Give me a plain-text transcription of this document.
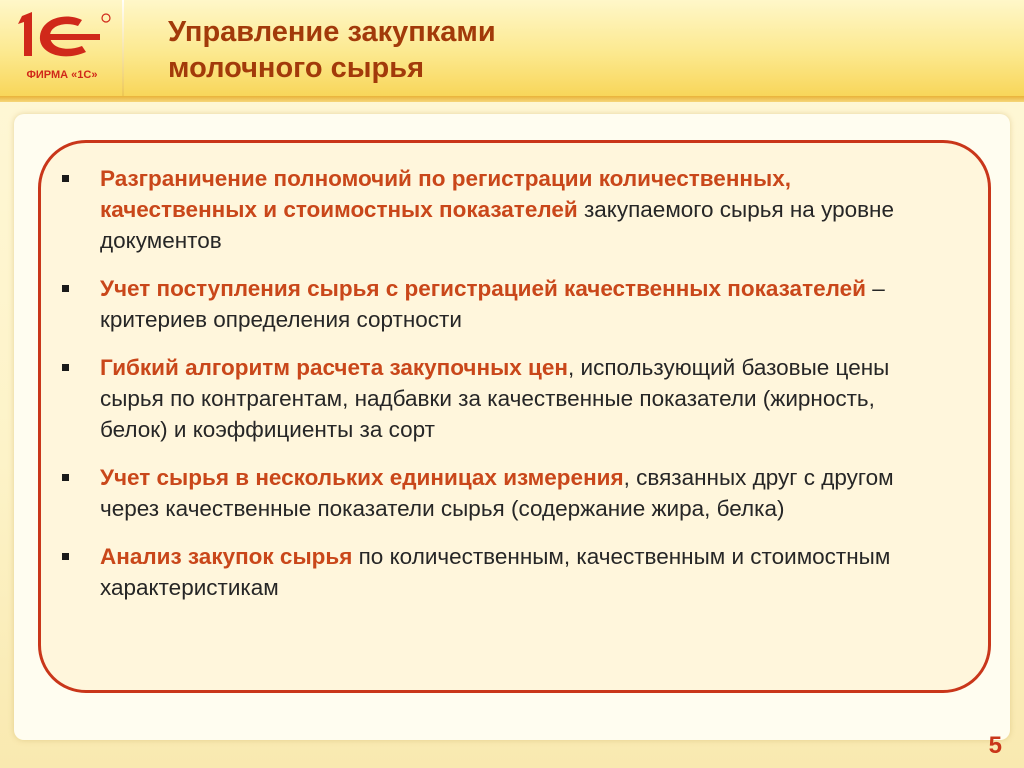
ФИРМА «1С»
Управление закупками
молочного сырья
Разграничение полномочий по регистрации количественных, качественных и стоимостных показателей закупаемого сырья на уровне документов
Учет поступления сырья с регистрацией качественных показателей – критериев определения сортности
Гибкий алгоритм расчета закупочных цен, использующий базовые цены сырья по контрагентам, надбавки за качественные показатели (жирность, белок) и коэффициенты за сорт
Учет сырья в нескольких единицах измерения, связанных друг с другом через качественные показатели сырья (содержание жира, белка)
Анализ закупок сырья по количественным, качественным и стоимостным характеристикам
5
